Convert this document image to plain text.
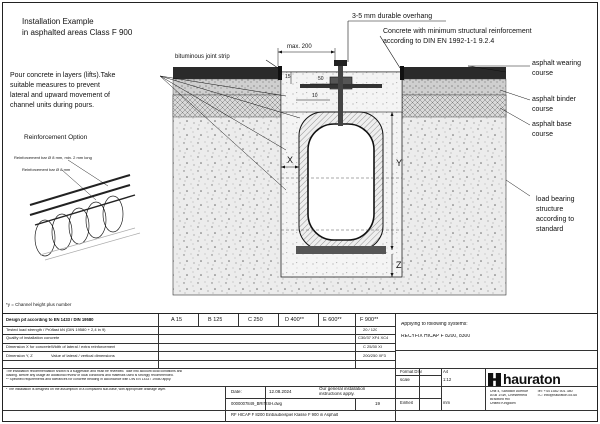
Installation Example
in asphalted areas Class F 900
3-5 mm durable overhang
Concrete with minimum structural reinforcement
according to DIN EN 1992-1-1 9.2.4
bituminous joint strip
max. 200
Pour concrete in layers (lifts).Take
suitable measures to prevent
lateral and upward movement of
channel units during pours.
15	50
10
X	Y
Z
asphalt wearing
course
asphalt binder
course
asphalt base
course
load bearing
structure
according to
standard
Reinforcement Option
Reinforcement bar Ø 8 mm, min. 2 mm long
Reinforcement bar Ø 8 mm
*y = Channel height plus number
Design pit according to EN 1433 / DIN 19580	A 15	B 125	C 250	D 400**	E 600**	F 900**
Tested load strength / Prüflast kN (DIN 19580 + 2,4 in 9)	20 / 120
Quality of installation concrete	C30/37 XF4 XC4
Dimension X for concrete Width of lateral / extra reinforcement	C 25/30 XI
Dimension Y, Z	Value of lateral / vertical dimensions	200/250 XF3
Applying to following systems:
RECYFIX HICAP F 8200, 8300
The installation recommendation shown is a suggestion and must be reviewed. Take into account local conditions and
loading. Before any usage an additional review of local conditions and materials used is strongly recommended.
** Specified requirements and tolerances for concrete bedding in accordance with DIN EN 1433 / 19580 apply.
* The installation is designed on the assumption of a compacted sub-base, with appropriate drainage layer.	Date:	12.08.2024
Our general installation
instructions apply.
0000007849_BRITISH.dwg	19
RF HICAP F 8200 Einbaubeispiel Klasse F 900 in Asphalt
Format DIN	A4
scale	1:12
Einheit	mm
hauraton
Unit 4, Sandlich Avenue
ASB 1SW, Chesterfield
Bradford Hill
United Kingdom
Tel: +44 1582 501 380
TC: info@hauraton.co.uk
